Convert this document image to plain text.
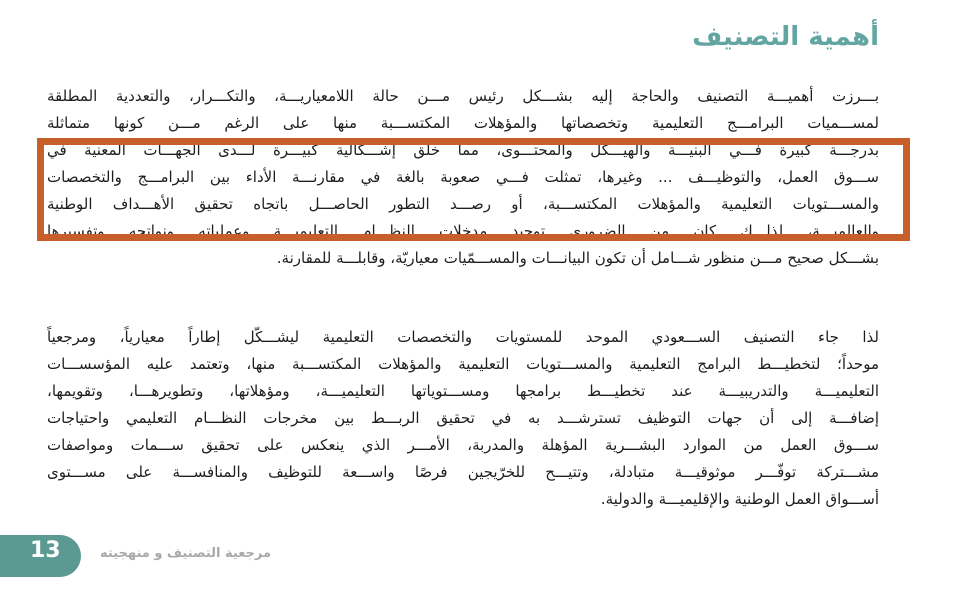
أهمية التصنيف
بـــرزت أهميـــة التصنيف والحاجة إليه بشـــكل رئيس مـــن حالة اللامعياريـــة، والتكـــرار، والتعددية المطلقة
لمســـميات البرامـــج التعليمية وتخصصاتها والمؤهلات المكتســـبة منها على الرغم مـــن كونها متماثلة
بدرجـــة كبيرة فـــي البنيـــة والهيـــكل والمحتـــوى، مما خلق إشـــكالية كبيـــرة لـــدى الجهـــات المعنية في
ســـوق العمل، والتوظيـــف ... وغيرها، تمثلت فـــي صعوبة بالغة في مقارنـــة الأداء بين البرامـــج والتخصصات
والمســـتويات التعليمية والمؤهلات المكتســـبة، أو رصـــد التطور الحاصـــل باتجاه تحقيق الأهـــداف الوطنية
والعالميـــة، لذلـــك كان من الضروري توحيد مدخلات النظـــام التعليميـــة وعملياته ونواتجه وتفسيرها
بشـــكل صحيح مـــن منظور شـــامل أن تكون البيانـــات والمســـمّيات معياريّة، وقابلـــة للمقارنة.
لذا جاء التصنيف الســـعودي الموحد للمستويات والتخصصات التعليمية ليشـــكّل إطاراً معيارياً، ومرجعياً
موحداً؛ لتخطيـــط البرامج التعليمية والمســـتويات التعليمية والمؤهلات المكتســـبة منها، وتعتمد عليه المؤسســـات
التعليميـــة والتدريبيـــة عند تخطيـــط برامجها ومســـتوياتها التعليميـــة، ومؤهلاتها، وتطويرهـــا، وتقويمها،
إضافـــة إلى أن جهات التوظيف تسترشـــد به في تحقيق الربـــط بين مخرجات النظـــام التعليمي واحتياجات
ســـوق العمل من الموارد البشـــرية المؤهلة والمدربة، الأمـــر الذي ينعكس على تحقيق ســـمات ومواصفات
مشـــتركة توفّـــر موثوقيـــة متبادلة، وتتيـــح للخرّيجين فرصًا واســـعة للتوظيف والمنافســـة على مســـتوى
أســـواق العمل الوطنية والإقليميـــة والدولية.
13	مرجعية التصنيف و منهجيته
